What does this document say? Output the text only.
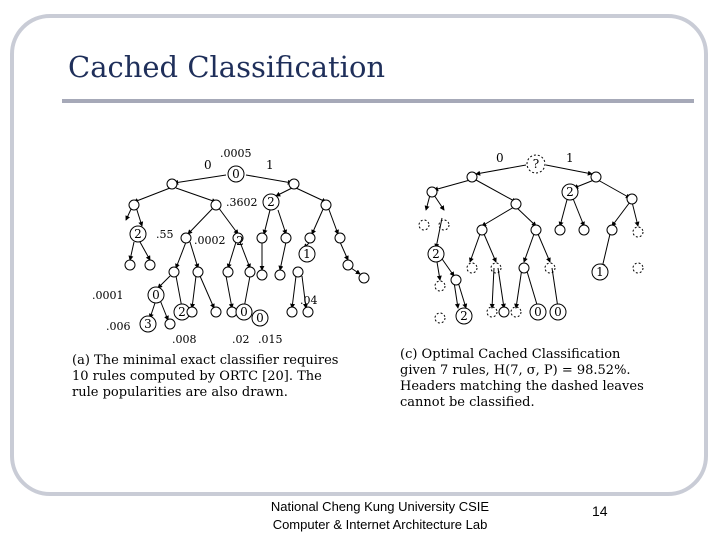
Cached Classification
0
0	1
.0005
.3602
.55 .0002
.0001	.04
.006
.008	.02 .015
2
2	2
2
1
0
3
0 0
(a) The minimal exact classifier requires
10 rules computed by ORTC [20]. The
rule popularities are also drawn.
?
0	1
2
1
2
2	0 0
(c) Optimal Cached Classification
given 7 rules, H(7, σ, P) = 98.52%.
Headers matching the dashed leaves
cannot be classified.
National Cheng Kung University CSIE
Computer & Internet Architecture Lab
14
